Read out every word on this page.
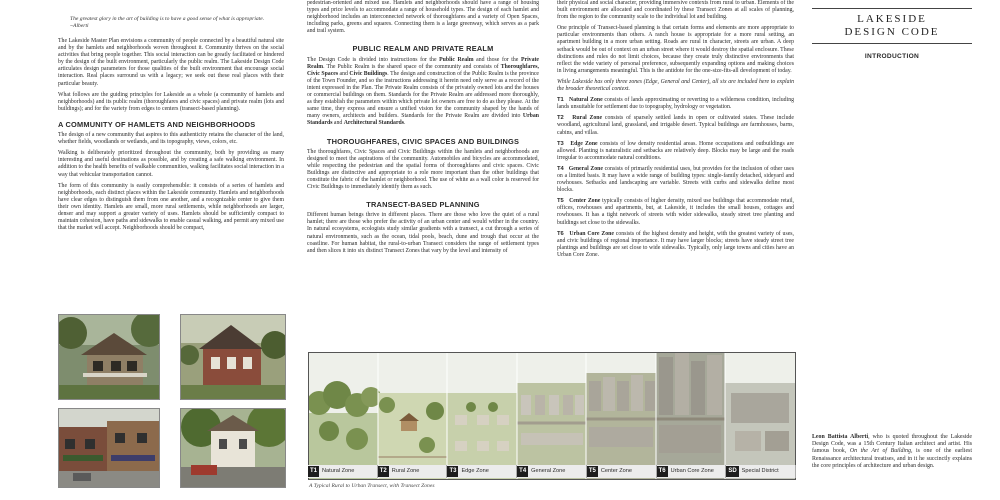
The greatest glory in the art of building is to have a good sense of what is appropriate. ~Alberti

The Lakeside Master Plan envisions a community of people connected by a beautiful natural site and by the hamlets and neighborhoods woven throughout it. Community thrives on the social activities that bring people together. This social interaction can be greatly facilitated or hindered by the design of the built environment, particularly the public realm. The Lakeside Design Code articulates design parameters for those qualities of the built environment that encourage social interaction. Real places surround us with a legacy; we seek out these real places with their particular beauty.

What follows are the guiding principles for Lakeside as a whole (a community of hamlets and neighborhoods) and its public realm (thoroughfares and civic spaces) and private realm (lots and buildings); and for the variety from edges to centers (transect-based planning).

A COMMUNITY OF HAMLETS AND NEIGHBORHOODS

The design of a new community that aspires to this authenticity retains the character of the land, whether fields, woodlands or wetlands, and its topography, views, colors, etc.

Walking is deliberately prioritized throughout the community, both by providing as many interesting and useful destinations as possible, and by creating a safe walking environment. In addition to the health benefits of walkable communities, walking facilitates social interaction in a way that vehicular transportation cannot.

The form of this community is easily comprehensible: it consists of a series of hamlets and neighborhoods, each distinct places within the Lakeside community. Hamlets and neighborhoods have clear edges to distinguish them from one another, and a recognizable center to give them their own identity. Hamlets are small, more rural settlements, while neighborhoods are larger, denser and may support a greater variety of uses. Hamlets should be sufficiently compact to maintain cohesion, have paths and sidewalks to enable casual walking, and permit any mixed use that the market will accept. Neighborhoods should be compact,

pedestrian-oriented and mixed use. Hamlets and neighborhoods should have a range of housing types and price levels to accommodate a range of household types. The design of each hamlet and neighborhood includes an interconnected network of thoroughfares and a variety of Open Spaces, including parks, greens and squares. Connecting them is a large greenway, which serves as a park and trail system.

PUBLIC REALM AND PRIVATE REALM

The Design Code is divided into instructions for the Public Realm and those for the Private Realm. The Public Realm is the shared space of the community and consists of Thoroughfares, Civic Spaces and Civic Buildings. The design and construction of the Public Realm is the province of the Town Founder, and so the instructions addressing it herein need only serve as a record of the intent expressed in the Plan. The Private Realm consists of the privately owned lots and the houses or commercial buildings on them. Standards for the Private Realm are addressed more thoroughly, as they establish the parameters within which private lot owners are free to do as they please. At the same time, they express and ensure a unified vision for the community shaped by the hands of many owners, architects and builders. Standards for the Private Realm are divided into Urban Standards and Architectural Standards.

THOROUGHFARES, CIVIC SPACES AND BUILDINGS

The thoroughfares, Civic Spaces and Civic Buildings within the hamlets and neighborhoods are designed to meet the aspirations of the community. Automobiles and bicycles are accommodated, while respecting the pedestrian and the spatial forms of thoroughfares and civic spaces. Civic Buildings are distinctive and appropriate to a role more important than the other buildings that constitute the fabric of the hamlet or neighborhood. The use of white as a wall color is reserved for Civic Buildings to immediately identify them as such.

TRANSECT-BASED PLANNING

Different human beings thrive in different places. There are those who love the quiet of a rural hamlet; there are those who prefer the activity of an urban center and would wither in the country. In natural ecosystems, ecologists study similar gradients with a transect, a cut through a series of natural environments, such as the ocean, tidal pools, beach, dune and trough that occur at the coastline. For human habitat, the rural-to-urban Transect considers the range of settlement types and then slices it into six distinct Transect Zones that vary by the level and intensity of

their physical and social character, providing immersive contexts from rural to urban. Elements of the built environment are allocated and coordinated by these Transect Zones at all scales of planning, from the region to the community scale to the individual lot and building.

One principle of Transect-based planning is that certain forms and elements are more appropriate to particular environments than others. A ranch house is appropriate for a more rural setting, an apartment building in a more urban setting. Roads are rural in character, streets are urban. A deep setback would be out of context on an urban street where it would destroy the spatial enclosure. These distinctions and rules do not limit choices, because they create truly distinctive environments that reflect the wide variety of personal preference, subsequently expanding options and making choices in living arrangements meaningful. This is the antidote for the one-size-fits-all development of today.

While Lakeside has only three zones (Edge, General and Center), all six are included here to explain the broader theoretical context.

T1 Natural Zone consists of lands approximating or reverting to a wilderness condition, including lands unsuitable for settlement due to topography, hydrology or vegetation.

T2 Rural Zone consists of sparsely settled lands in open or cultivated states. These include woodland, agricultural land, grassland, and irrigable desert. Typical buildings are farmhouses, barns, cabins, and villas.

T3 Edge Zone consists of low density residential areas. Home occupations and outbuildings are allowed. Planting is naturalistic and setbacks are relatively deep. Blocks may be large and the roads irregular to accommodate natural conditions.

T4 General Zone consists of primarily residential uses, but provides for the inclusion of other uses on a limited basis. It may have a wide range of building types: single-family detached, sideyard and rowhouses. Setbacks and landscaping are variable. Streets with curbs and sidewalks define most blocks.

T5 Center Zone typically consists of higher density, mixed use buildings that accommodate retail, offices, rowhouses and apartments, but, at Lakeside, it includes the small houses, cottages and rowhouses. It has a tight network of streets with wider sidewalks, steady street tree planting and buildings set close to the sidewalks.

T6 Urban Core Zone consists of the highest density and height, with the greatest variety of uses, and civic buildings of regional importance. It may have larger blocks; streets have steady street tree plantings and buildings are set close to wide sidewalks. Typically, only large towns and cities have an Urban Core Zone.

T1 Natural Zone	T2 Rural Zone	T3 Edge Zone	T4 General Zone	T5 Center Zone	T6 Urban Core Zone	SD Special District
A Typical Rural to Urban Transect, with Transect Zones
LAKESIDE
DESIGN CODE
INTRODUCTION
Leon Battista Alberti, who is quoted throughout the Lakeside Design Code, was a 15th Century Italian architect and artist. His famous book, On the Art of Building, is one of the earliest Renaissance architectural treatises, and in it he succinctly explains the core principles of architecture and urban design.
